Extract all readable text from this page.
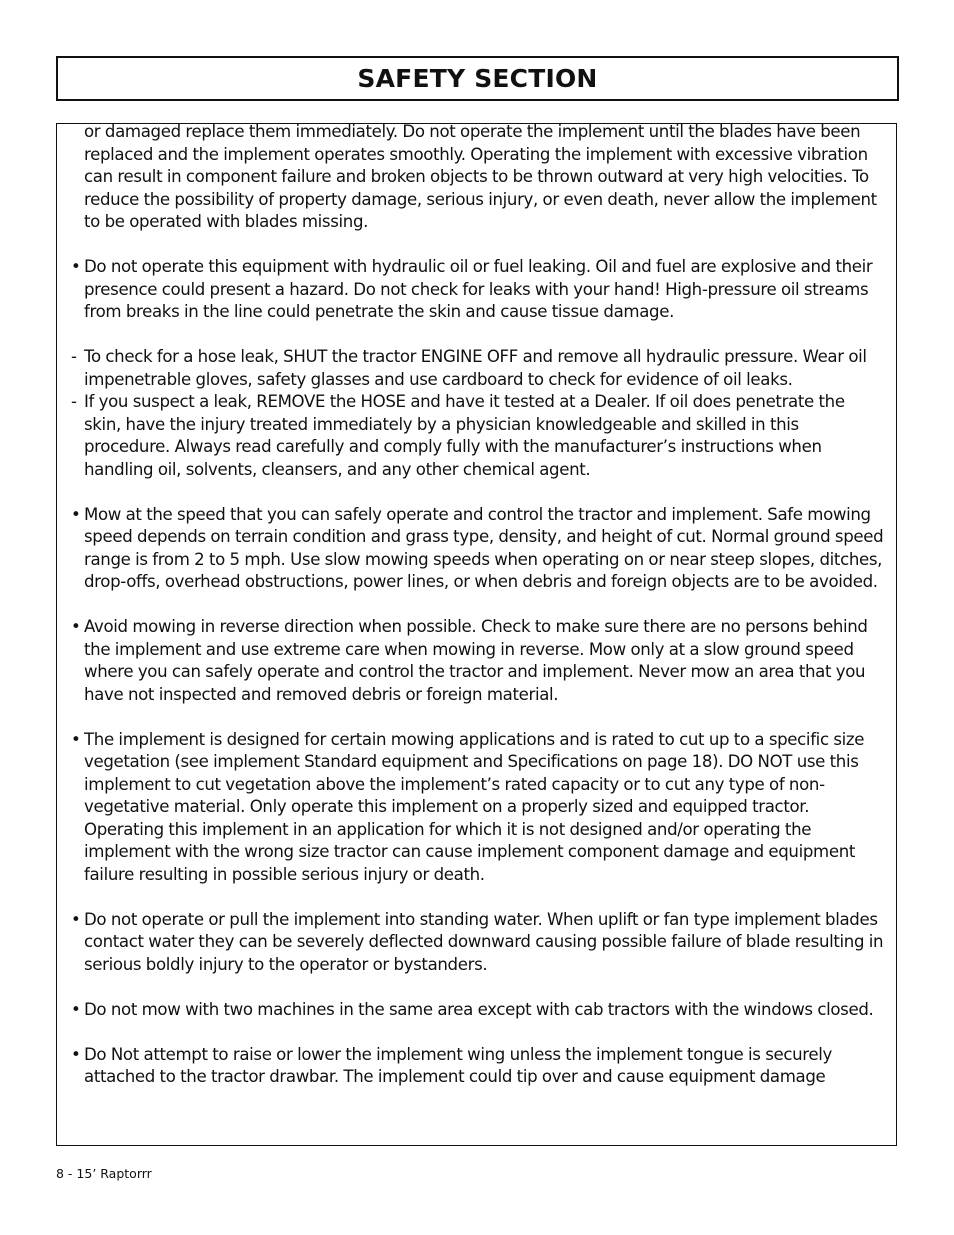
SAFETY SECTION
or damaged replace them immediately. Do not operate the implement until the blades have been replaced and the implement operates smoothly. Operating the implement with excessive vibration can result in component failure and broken objects to be thrown outward at very high velocities. To reduce the possibility of property damage, serious injury, or even death, never allow the implement to be operated with blades missing.
• Do not operate this equipment with hydraulic oil or fuel leaking. Oil and fuel are explosive and their presence could present a hazard. Do not check for leaks with your hand! High-pressure oil streams from breaks in the line could penetrate the skin and cause tissue damage.
- To check for a hose leak, SHUT the tractor ENGINE OFF and remove all hydraulic pressure. Wear oil impenetrable gloves, safety glasses and use cardboard to check for evidence of oil leaks.
- If you suspect a leak, REMOVE the HOSE and have it tested at a Dealer. If oil does penetrate the skin, have the injury treated immediately by a physician knowledgeable and skilled in this procedure. Always read carefully and comply fully with the manufacturer’s instructions when handling oil, solvents, cleansers, and any other chemical agent.
• Mow at the speed that you can safely operate and control the tractor and implement. Safe mowing speed depends on terrain condition and grass type, density, and height of cut. Normal ground speed range is from 2 to 5 mph. Use slow mowing speeds when operating on or near steep slopes, ditches, drop-offs, overhead obstructions, power lines, or when debris and foreign objects are to be avoided.
• Avoid mowing in reverse direction when possible. Check to make sure there are no persons behind the implement and use extreme care when mowing in reverse. Mow only at a slow ground speed where you can safely operate and control the tractor and implement. Never mow an area that you have not inspected and removed debris or foreign material.
• The implement is designed for certain mowing applications and is rated to cut up to a specific size vegetation (see implement Standard equipment and Specifications on page 18). DO NOT use this implement to cut vegetation above the implement’s rated capacity or to cut any type of non-vegetative material. Only operate this implement on a properly sized and equipped tractor. Operating this implement in an application for which it is not designed and/or operating the implement with the wrong size tractor can cause implement component damage and equipment failure resulting in possible serious injury or death.
• Do not operate or pull the implement into standing water. When uplift or fan type implement blades contact water they can be severely deflected downward causing possible failure of blade resulting in serious boldly injury to the operator or bystanders.
• Do not mow with two machines in the same area except with cab tractors with the windows closed.
• Do Not attempt to raise or lower the implement wing unless the implement tongue is securely attached to the tractor drawbar. The implement could tip over and cause equipment damage
8 - 15’ Raptorrr
